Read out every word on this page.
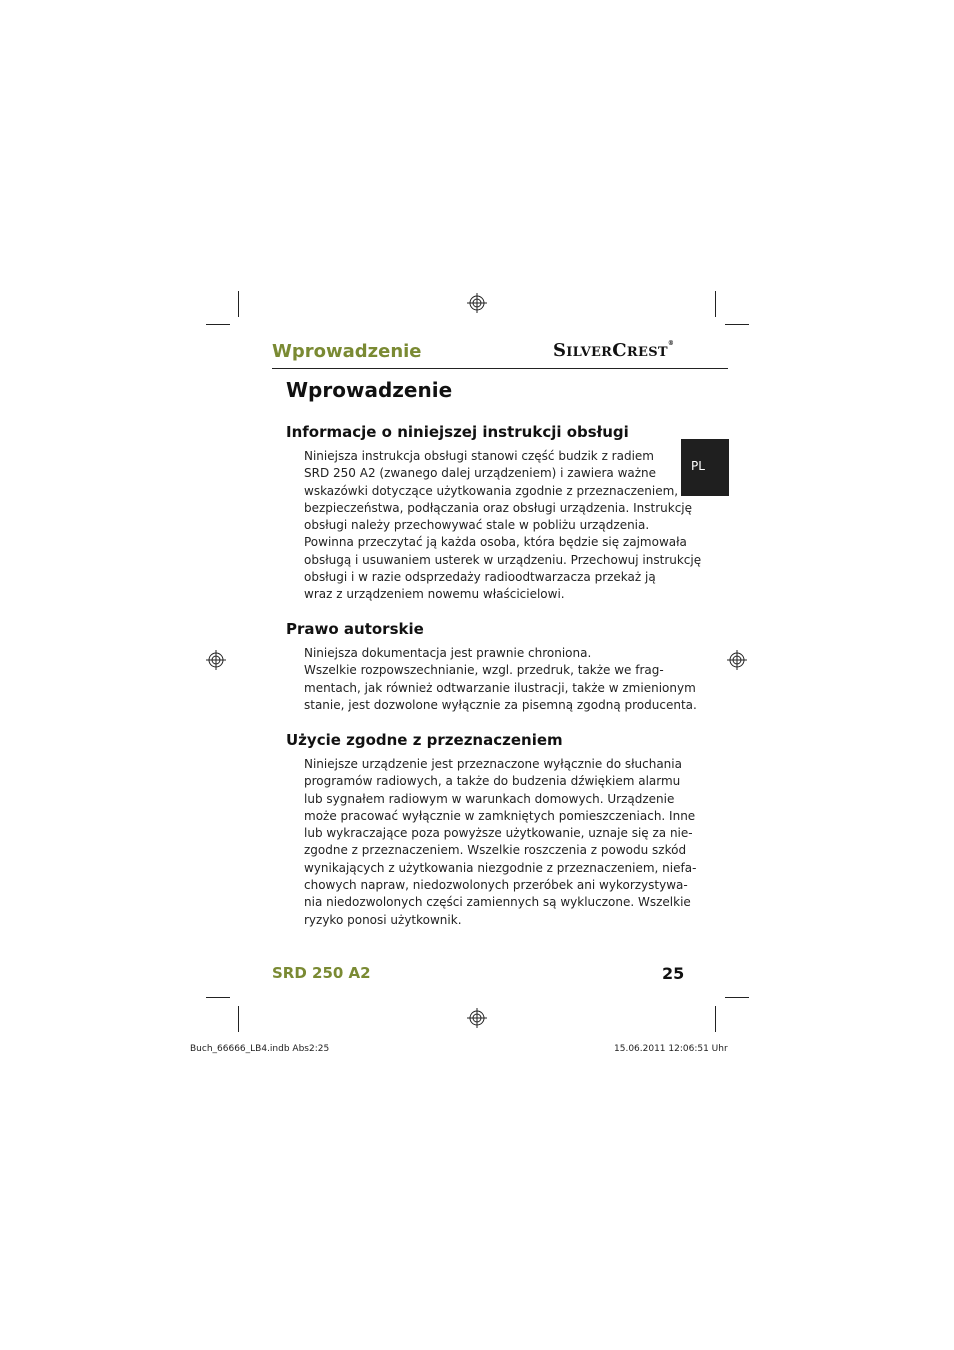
Wprowadzenie	SilverCrest®
Wprowadzenie
PL
Informacje o niniejszej instrukcji obsługi

Niniejsza instrukcja obsługi stanowi część budzik z radiem
SRD 250 A2 (zwanego dalej urządzeniem) i zawiera ważne
wskazówki dotyczące użytkowania zgodnie z przeznaczeniem,
bezpieczeństwa, podłączania oraz obsługi urządzenia. Instrukcję
obsługi należy przechowywać stale w pobliżu urządzenia.
Powinna przeczytać ją każda osoba, która będzie się zajmowała
obsługą i usuwaniem usterek w urządzeniu. Przechowuj instrukcję
obsługi i w razie odsprzedaży radioodtwarzacza przekaż ją
wraz z urządzeniem nowemu właścicielowi.

Prawo autorskie

Niniejsza dokumentacja jest prawnie chroniona.
Wszelkie rozpowszechnianie, wzgl. przedruk, także we frag-
mentach, jak również odtwarzanie ilustracji, także w zmienionym
stanie, jest dozwolone wyłącznie za pisemną zgodną producenta.

Użycie zgodne z przeznaczeniem

Niniejsze urządzenie jest przeznaczone wyłącznie do słuchania
programów radiowych, a także do budzenia dźwiękiem alarmu
lub sygnałem radiowym w warunkach domowych. Urządzenie
może pracować wyłącznie w zamkniętych pomieszczeniach. Inne
lub wykraczające poza powyższe użytkowanie, uznaje się za nie-
zgodne z przeznaczeniem. Wszelkie roszczenia z powodu szkód
wynikających z użytkowania niezgodnie z przeznaczeniem, niefa-
chowych napraw, niedozwolonych przeróbek ani wykorzystywa-
nia niedozwolonych części zamiennych są wykluczone. Wszelkie
ryzyko ponosi użytkownik.

SRD 250 A2	25
Buch_66666_LB4.indb Abs2:25	15.06.2011 12:06:51 Uhr
